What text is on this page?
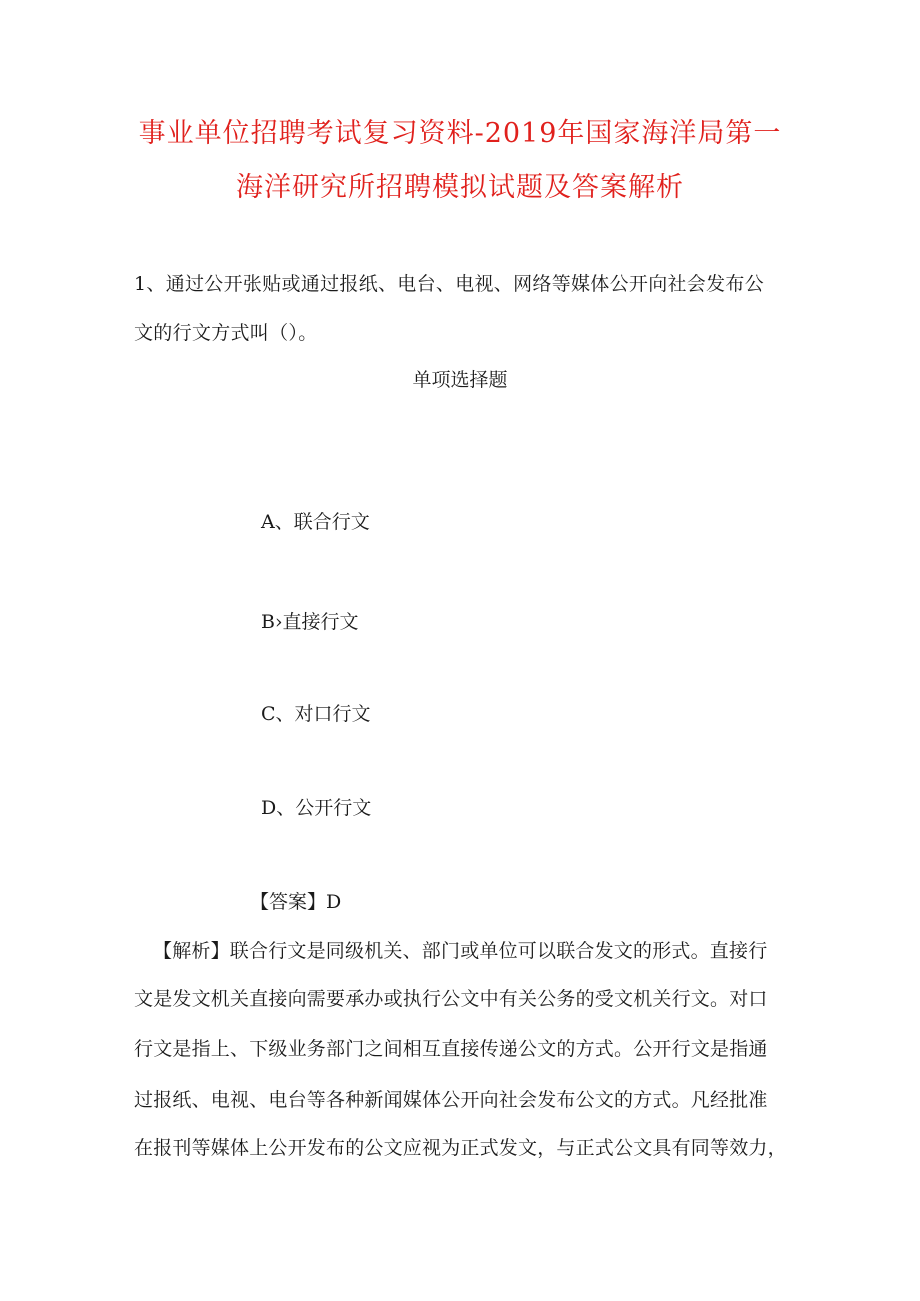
事业单位招聘考试复习资料-2019年国家海洋局第一
海洋研究所招聘模拟试题及答案解析
1、通过公开张贴或通过报纸、电台、电视、网络等媒体公开向社会发布公
文的行文方式叫（）。
单项选择题
A、联合行文
B›直接行文
C、对口行文
D、公开行文
【答案】D
【解析】联合行文是同级机关、部门或单位可以联合发文的形式。直接行
文是发文机关直接向需要承办或执行公文中有关公务的受文机关行文。对口
行文是指上、下级业务部门之间相互直接传递公文的方式。公开行文是指通
过报纸、电视、电台等各种新闻媒体公开向社会发布公文的方式。凡经批准
在报刊等媒体上公开发布的公文应视为正式发文，与正式公文具有同等效力，
